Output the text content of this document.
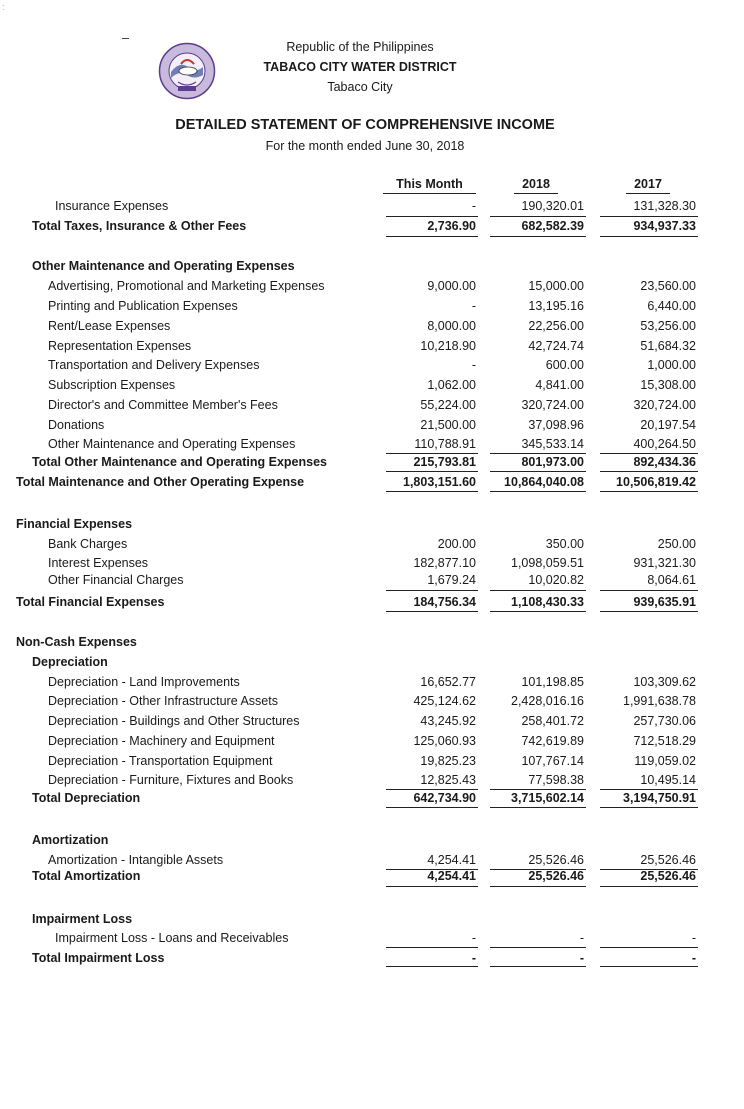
:
Republic of the Philippines
TABACO CITY WATER DISTRICT
Tabaco City
DETAILED STATEMENT OF COMPREHENSIVE INCOME
For the month ended June 30, 2018
This Month	2018	2017
Insurance Expenses	-	190,320.01	131,328.30
Total Taxes, Insurance & Other Fees	2,736.90	682,582.39	934,937.33
Other Maintenance and Operating Expenses
Advertising, Promotional and Marketing Expenses	9,000.00	15,000.00	23,560.00
Printing and Publication Expenses	-	13,195.16	6,440.00
Rent/Lease Expenses	8,000.00	22,256.00	53,256.00
Representation Expenses	10,218.90	42,724.74	51,684.32
Transportation and Delivery Expenses	-	600.00	1,000.00
Subscription Expenses	1,062.00	4,841.00	15,308.00
Director's and Committee Member's Fees	55,224.00	320,724.00	320,724.00
Donations	21,500.00	37,098.96	20,197.54
Other Maintenance and Operating Expenses	110,788.91	345,533.14	400,264.50
Total Other Maintenance and Operating Expenses	215,793.81	801,973.00	892,434.36
Total Maintenance and Other Operating Expense	1,803,151.60	10,864,040.08	10,506,819.42
Financial Expenses
Bank Charges	200.00	350.00	250.00
Interest Expenses	182,877.10	1,098,059.51	931,321.30
Other Financial Charges	1,679.24	10,020.82	8,064.61
Total Financial Expenses	184,756.34	1,108,430.33	939,635.91
Non-Cash Expenses
Depreciation
Depreciation - Land Improvements	16,652.77	101,198.85	103,309.62
Depreciation - Other Infrastructure Assets	425,124.62	2,428,016.16	1,991,638.78
Depreciation - Buildings and Other Structures	43,245.92	258,401.72	257,730.06
Depreciation - Machinery and Equipment	125,060.93	742,619.89	712,518.29
Depreciation - Transportation Equipment	19,825.23	107,767.14	119,059.02
Depreciation - Furniture, Fixtures and Books	12,825.43	77,598.38	10,495.14
Total Depreciation	642,734.90	3,715,602.14	3,194,750.91
Amortization
Amortization - Intangible Assets	4,254.41	25,526.46	25,526.46
Total Amortization	4,254.41	25,526.46	25,526.46
Impairment Loss
Impairment Loss - Loans and Receivables	-	-	-
Total Impairment Loss	-	-	-
